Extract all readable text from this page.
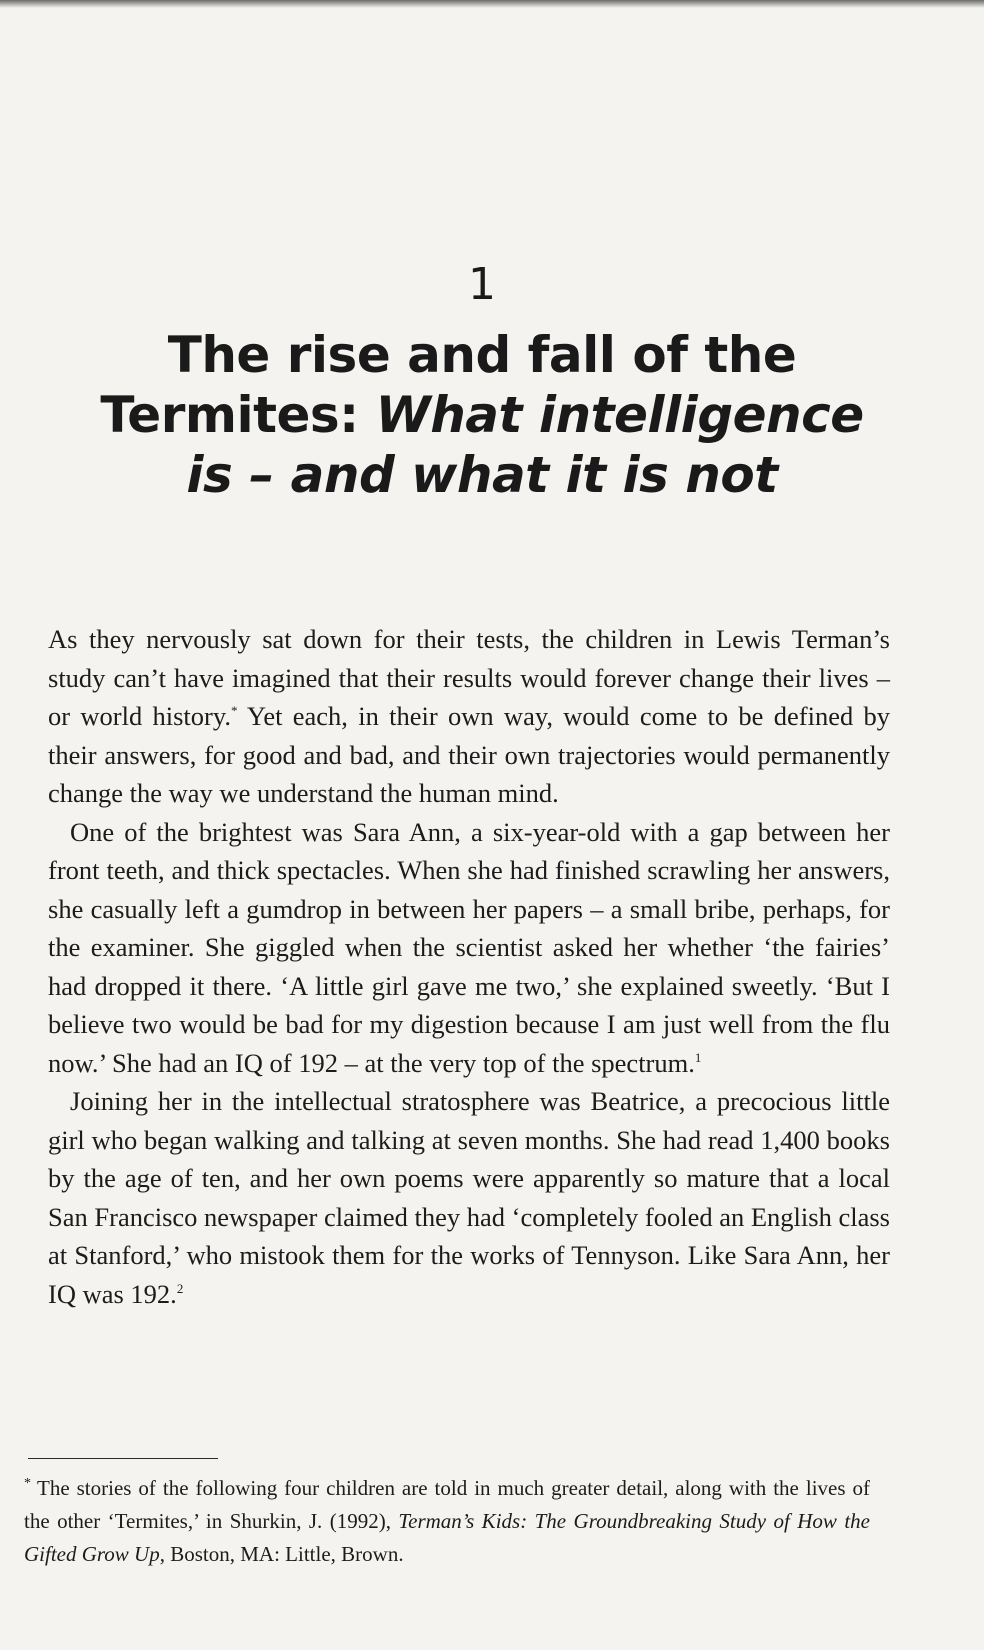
1
The rise and fall of the
Termites: What intelligence
is – and what it is not

As they nervously sat down for their tests, the children in Lewis Terman’s study can’t have imagined that their results would forever change their lives – or world history.* Yet each, in their own way, would come to be defined by their answers, for good and bad, and their own trajectories would permanently change the way we understand the human mind.

One of the brightest was Sara Ann, a six-year-old with a gap between her front teeth, and thick spectacles. When she had finished scrawling her answers, she casually left a gumdrop in between her papers – a small bribe, perhaps, for the examiner. She giggled when the scientist asked her whether ‘the fairies’ had dropped it there. ‘A little girl gave me two,’ she explained sweetly. ‘But I believe two would be bad for my digestion because I am just well from the flu now.’ She had an IQ of 192 – at the very top of the spectrum.$^1$

Joining her in the intellectual stratosphere was Beatrice, a precocious little girl who began walking and talking at seven months. She had read 1,400 books by the age of ten, and her own poems were apparently so mature that a local San Francisco newspaper claimed they had ‘completely fooled an English class at Stanford,’ who mistook them for the works of Tennyson. Like Sara Ann, her IQ was 192.$^2$

* The stories of the following four children are told in much greater detail, along with the lives of the other ‘Termites,’ in Shurkin, J. (1992), Terman’s Kids: The Groundbreaking Study of How the Gifted Grow Up, Boston, MA: Little, Brown.
